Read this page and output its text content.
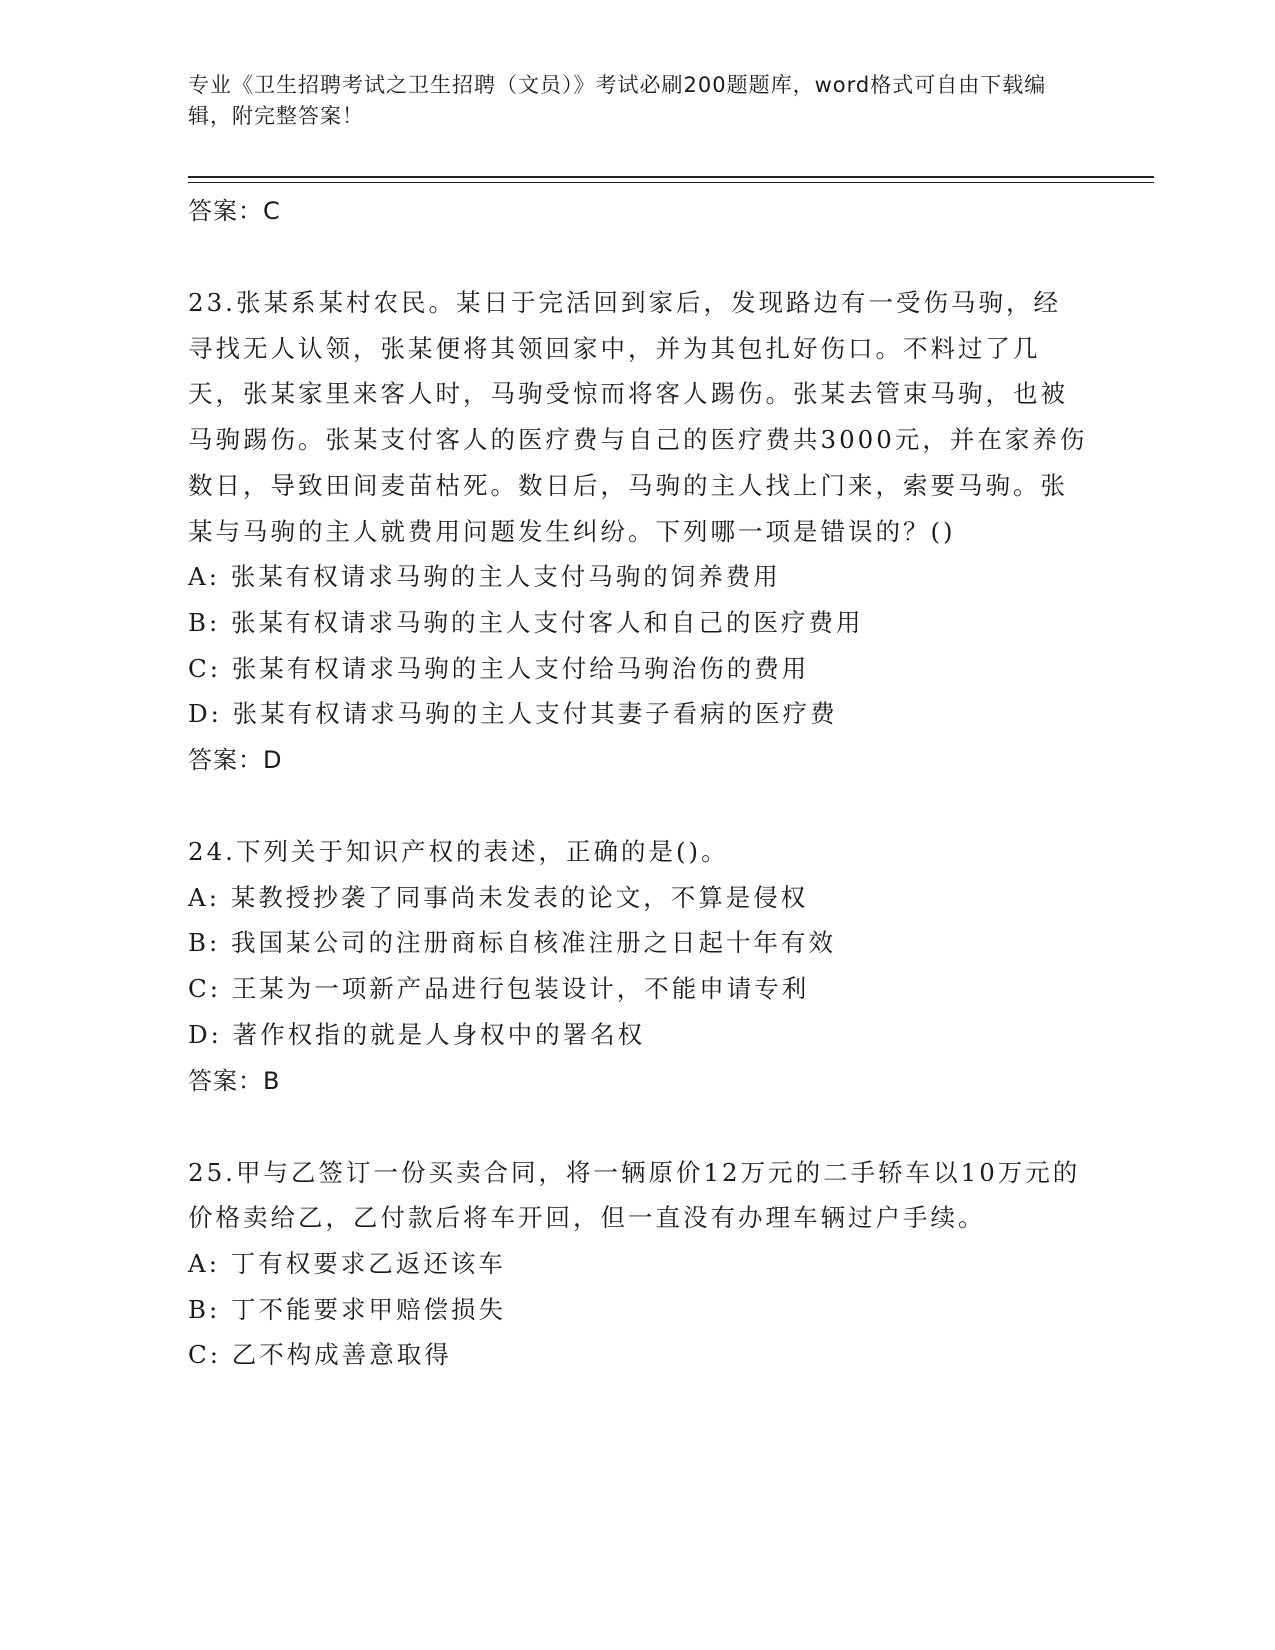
专业《卫生招聘考试之卫生招聘（文员）》考试必刷200题题库，word格式可自由下载编辑，附完整答案！

答案：C

23.张某系某村农民。某日于完活回到家后，发现路边有一受伤马驹，经寻找无人认领，张某便将其领回家中，并为其包扎好伤口。不料过了几天，张某家里来客人时，马驹受惊而将客人踢伤。张某去管束马驹，也被马驹踢伤。张某支付客人的医疗费与自己的医疗费共3000元，并在家养伤数日，导致田间麦苗枯死。数日后，马驹的主人找上门来，索要马驹。张某与马驹的主人就费用问题发生纠纷。下列哪一项是错误的？()

A: 张某有权请求马驹的主人支付马驹的饲养费用

B: 张某有权请求马驹的主人支付客人和自己的医疗费用

C: 张某有权请求马驹的主人支付给马驹治伤的费用

D: 张某有权请求马驹的主人支付其妻子看病的医疗费

答案：D

24.下列关于知识产权的表述，正确的是()。

A: 某教授抄袭了同事尚未发表的论文，不算是侵权

B: 我国某公司的注册商标自核准注册之日起十年有效

C: 王某为一项新产品进行包装设计，不能申请专利

D: 著作权指的就是人身权中的署名权

答案：B

25.甲与乙签订一份买卖合同，将一辆原价12万元的二手轿车以10万元的价格卖给乙，乙付款后将车开回，但一直没有办理车辆过户手续。

A: 丁有权要求乙返还该车

B: 丁不能要求甲赔偿损失

C: 乙不构成善意取得
